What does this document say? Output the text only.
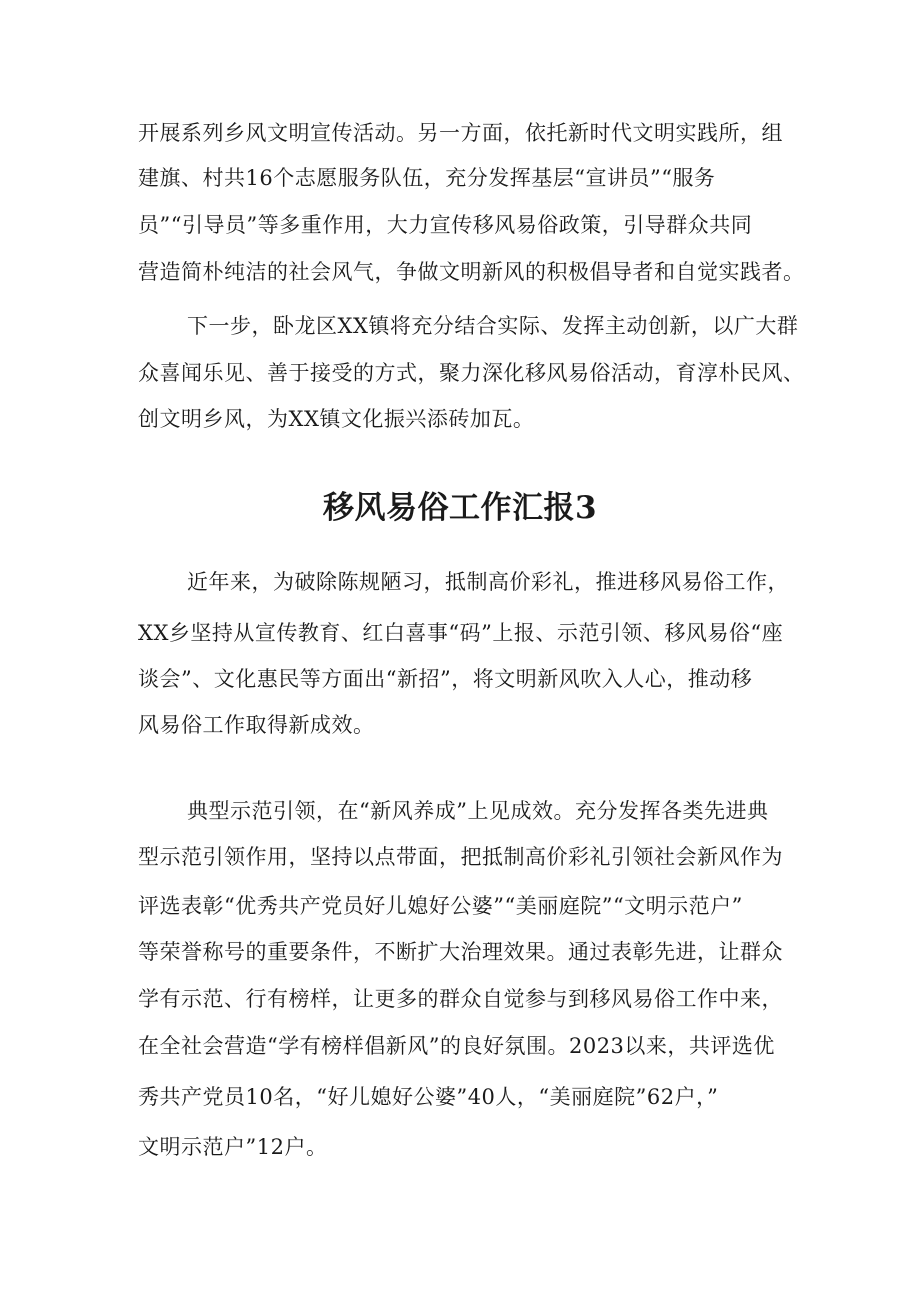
开展系列乡风文明宣传活动。另一方面，依托新时代文明实践所，组

建旗、村共16个志愿服务队伍，充分发挥基层“宣讲员”“服务

员”“引导员”等多重作用，大力宣传移风易俗政策，引导群众共同

营造简朴纯洁的社会风气，争做文明新风的积极倡导者和自觉实践者。

下一步，卧龙区XX镇将充分结合实际、发挥主动创新，以广大群

众喜闻乐见、善于接受的方式，聚力深化移风易俗活动，育淳朴民风、

创文明乡风，为XX镇文化振兴添砖加瓦。

移风易俗工作汇报3

近年来，为破除陈规陋习，抵制高价彩礼，推进移风易俗工作，

XX乡坚持从宣传教育、红白喜事“码”上报、示范引领、移风易俗“座

谈会”、文化惠民等方面出“新招”，将文明新风吹入人心，推动移

风易俗工作取得新成效。

典型示范引领，在“新风养成”上见成效。充分发挥各类先进典

型示范引领作用，坚持以点带面，把抵制高价彩礼引领社会新风作为

评选表彰“优秀共产党员好儿媳好公婆”“美丽庭院”“文明示范户”

等荣誉称号的重要条件，不断扩大治理效果。通过表彰先进，让群众

学有示范、行有榜样，让更多的群众自觉参与到移风易俗工作中来，

在全社会营造“学有榜样倡新风”的良好氛围。2023以来，共评选优

秀共产党员10名，“好儿媳好公婆”40人，“美丽庭院”62户，”

文明示范户”12户。
